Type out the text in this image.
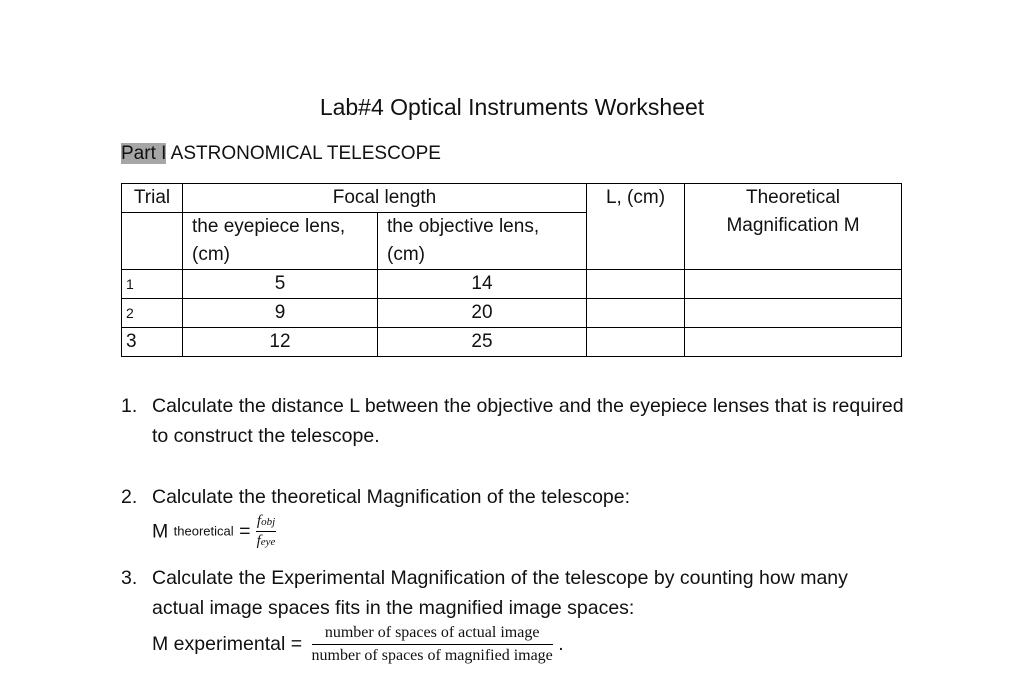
Lab#4 Optical Instruments Worksheet
Part I ASTRONOMICAL TELESCOPE
Trial	Focal length		L, (cm)	Theoretical Magnification M
	the eyepiece lens, (cm)	the objective lens, (cm)		
1	5	14		
2	9	20		
3	12	25		
1. Calculate the distance L between the objective and the eyepiece lenses that is required to construct the telescope.
2. Calculate the theoretical Magnification of the telescope:
M theoretical = $\frac{\text{fobj}}{\text{feye}}$
3. Calculate the Experimental Magnification of the telescope by counting how many actual image spaces fits in the magnified image spaces:
M experimental = $\frac{\text{number of spaces of actual image}}{\text{number of spaces of magnified image}}$ .
